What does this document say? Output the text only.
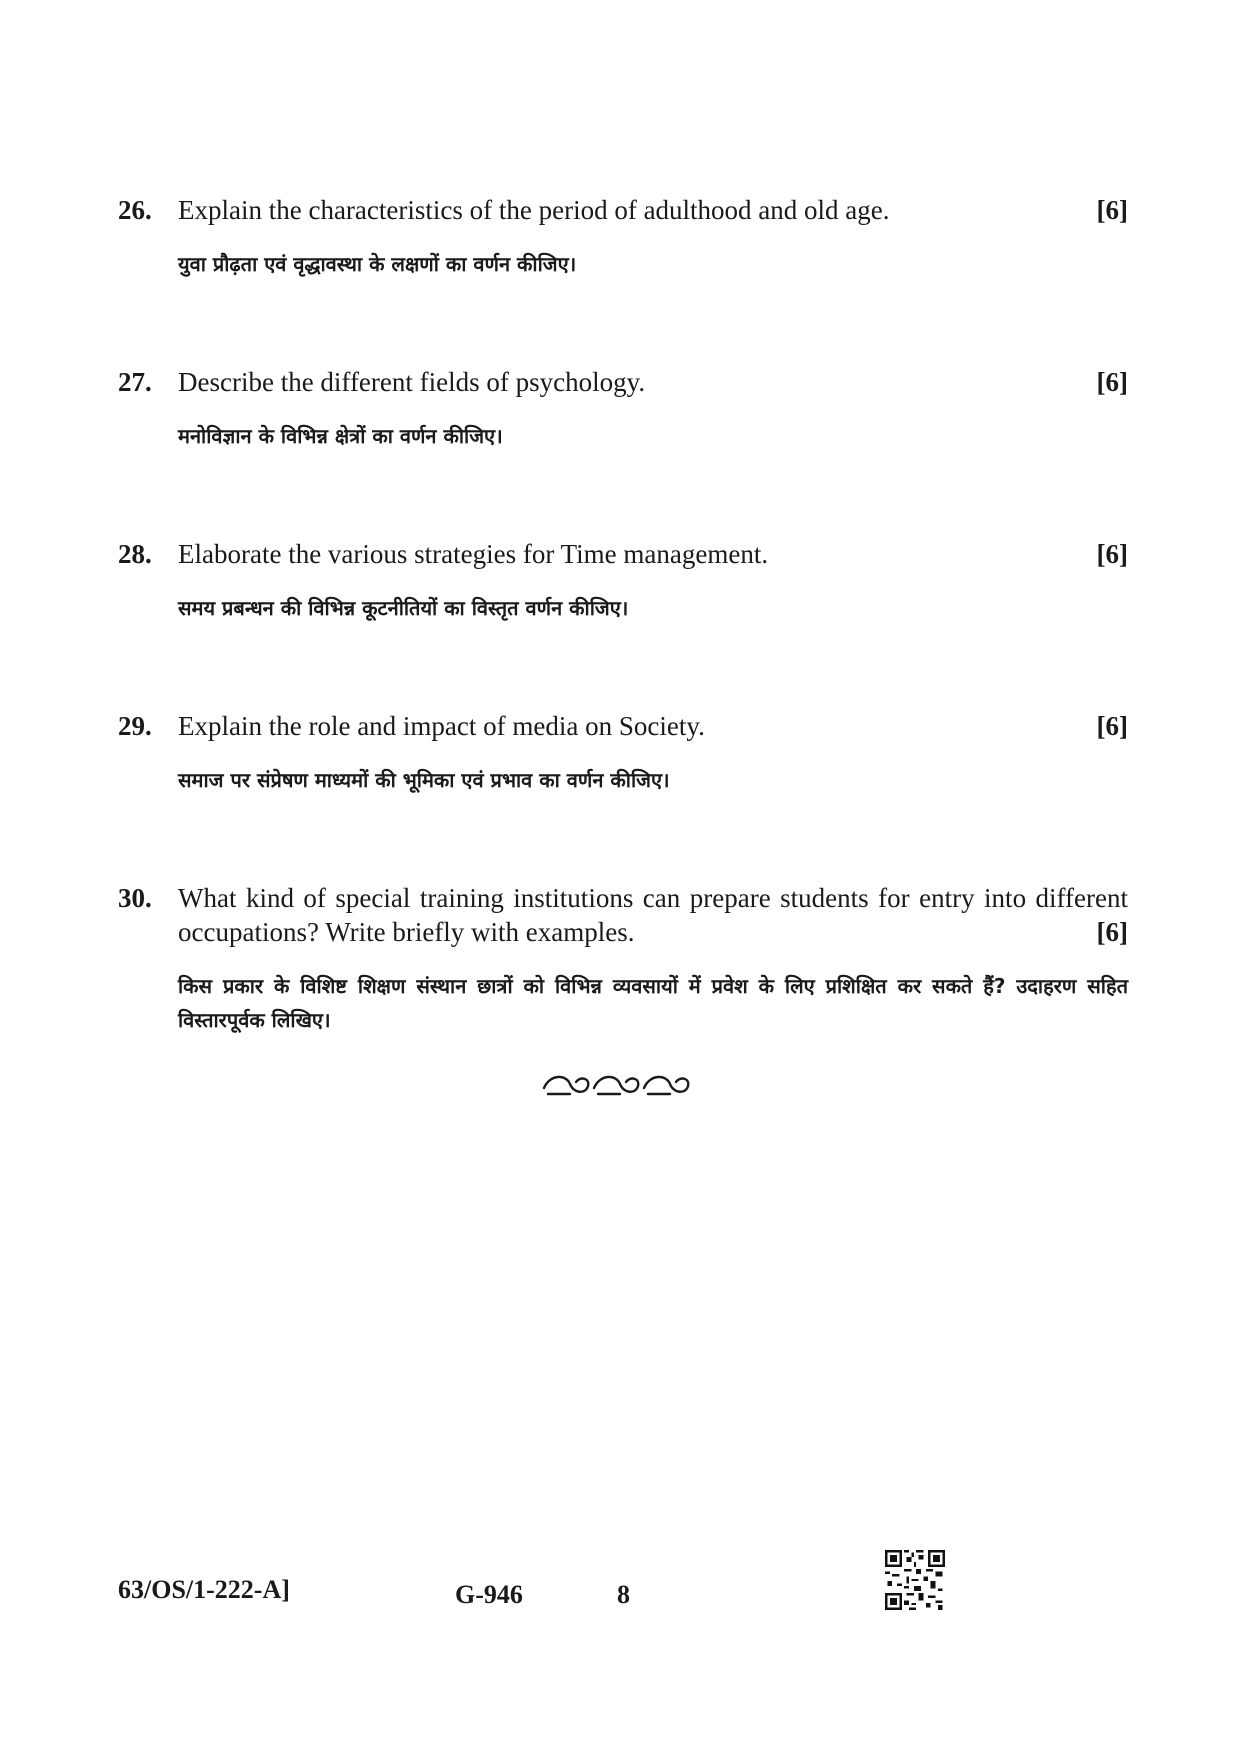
26. Explain the characteristics of the period of adulthood and old age.	[6]
युवा प्रौढ़ता एवं वृद्धावस्था के लक्षणों का वर्णन कीजिए।
27. Describe the different fields of psychology.	[6]
मनोविज्ञान के विभिन्न क्षेत्रों का वर्णन कीजिए।
28. Elaborate the various strategies for Time management.	[6]
समय प्रबन्धन की विभिन्न कूटनीतियों का विस्तृत वर्णन कीजिए।
29. Explain the role and impact of media on Society.	[6]
समाज पर संप्रेषण माध्यमों की भूमिका एवं प्रभाव का वर्णन कीजिए।
30. What kind of special training institutions can prepare students for entry into different occupations? Write briefly with examples.	[6]
किस प्रकार के विशिष्ट शिक्षण संस्थान छात्रों को विभिन्न व्यवसायों में प्रवेश के लिए प्रशिक्षित कर सकते हैं? उदाहरण सहित विस्तारपूर्वक लिखिए।
63/OS/1-222-A]	G-946	8
